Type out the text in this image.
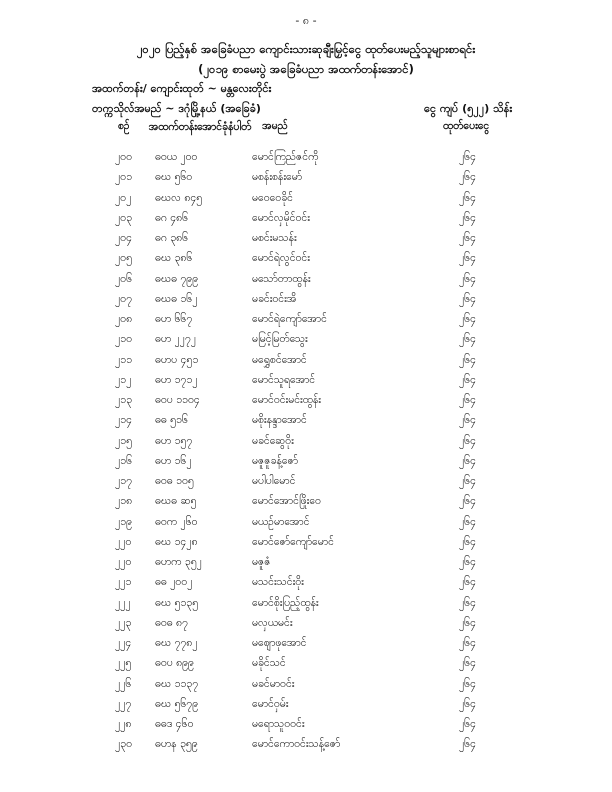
- ၈ -
၂၀၂၀ ပြည့်နှစ် အခြေခံပညာ ကျောင်းသားဆုချီးမြှင့်ငွေ ထုတ်ပေးမည့်သူများစာရင်း
(၂၀၁၉ စာမေးပွဲ အခြေခံပညာ အထက်တန်းအောင်)
အထက်တန်း/ ကျောင်းထုတ် ~ မန္တလေးတိုင်း
တက္ကသိုလ်အမည် ~ ဒဂုံမြို့နယ် (အခြေခံ)	ငွေ ကျပ် (၅၂၂) သိန်း
စဉ်	အထက်တန်းအောင်ခုံနံပါတ်	အမည်	ထုတ်ပေးငွေ
၂၀၀ ဓဝယ ၂၀၀	မောင်ကြည်ဇင်ကို	၂၆၄
၂၀၁ ဓဃ ၅၆၀	မစန်းစန်းမော်	၂၆၄
၂၀၂ ဓဃလ ၈၄၅	မဝေဝေခိုင်	၂၆၄
၂၀၃ ဓဂ ၄၈၆	မောင်လှမိုင်ဝင်း	၂၆၄
၂၀၄ ဓဂ ၃၈၆	မစင်းမသန်း	၂၆၄
၂၀၅ ဓဃ ၃၈၆	မောင်ရဲလွင်ဝင်း	၂၆၄
၂၀၆ ဓဃဓ ၇၉၉	မသော်တာထွန်း	၂၆၄
၂၀၇ ဓဃဓ ၁၆၂	မခင်းဝင်းအိ	၂၆၄
၂၀၈ ဓဟ ၆၆၇	မောင်ရဲကျော်အောင်	၂၆၄
၂၁၀ ဓဟ ၂၂၇၂	မမြင့်မြတ်သွေး	၂၆၄
၂၁၁ ဓဟပ ၄၅၁	မရွှေစင်အောင်	၂၆၄
၂၁၂ ဓဟ ၁၇၁၂	မောင်သူရအောင်	၂၆၄
၂၁၃ ဓဝပ ၁၁၀၄	မောင်ဝင်းမင်းထွန်း	၂၆၄
၂၁၄ ဓဓ ၅၁၆	မစိုးနန္ဒာအောင်	၂၆၄
၂၁၅ ဓဟ ၁၅၇	မခင်ဆွေဝိုး	၂၆၄
၂၁၆ ဓဟ ၁၆၂	မဇူဇူခန့်ဇော်	၂၆၄
၂၁၇ ဓဝဓ ၁၀၅	မပါပါမောင်	၂၆၄
၂၁၈ ဓဃဓ ဆ၅	မောင်အောင်ဖြိုးဝေ	၂၆၄
၂၁၉ ဓဝက ၂၆၀	မယဉ်မာအောင်	၂၆၄
၂၂၀ ဓဃ ၁၄၂၈	မောင်ဇော်ကျော်မောင်	၂၆၄
၂၂၀ ဓဟက ၃၅၂	မဇူဇံ	၂၆၄
၂၂၁ ဓဓ ၂၀၀၂	မသင်းသင်းဝိုး	၂၆၄
၂၂၂ ဓဃ ၅၁၃၅	မောင်စိုးပြည့်ထွန်း	၂၆၄
၂၂၃ ဓဝဓ ၈၇	မလှယမင်း	၂၆၄
၂၂၄ ဓဃ ၇၇၈၂	မဈောဖုအောင်	၂၆၄
၂၂၅ ဓဝပ ၈၉၉	မခိုင်သင်	၂၆၄
၂၂၆ ဓဃ ၁၁၃၇	မခင်မာဝင်း	၂၆၄
၂၂၇ ဓဃ ၅၆၇၉	မောင်ဝှမ်း	၂၆၄
၂၂၈ ဓဓဒ ၄၆၀	မရောသူဝဝင်း	၂၆၄
၂၃၀ ဓဟန ၃၅၉	မောင်ကောဝင်းသန့်ဇော်	၂၆၄
